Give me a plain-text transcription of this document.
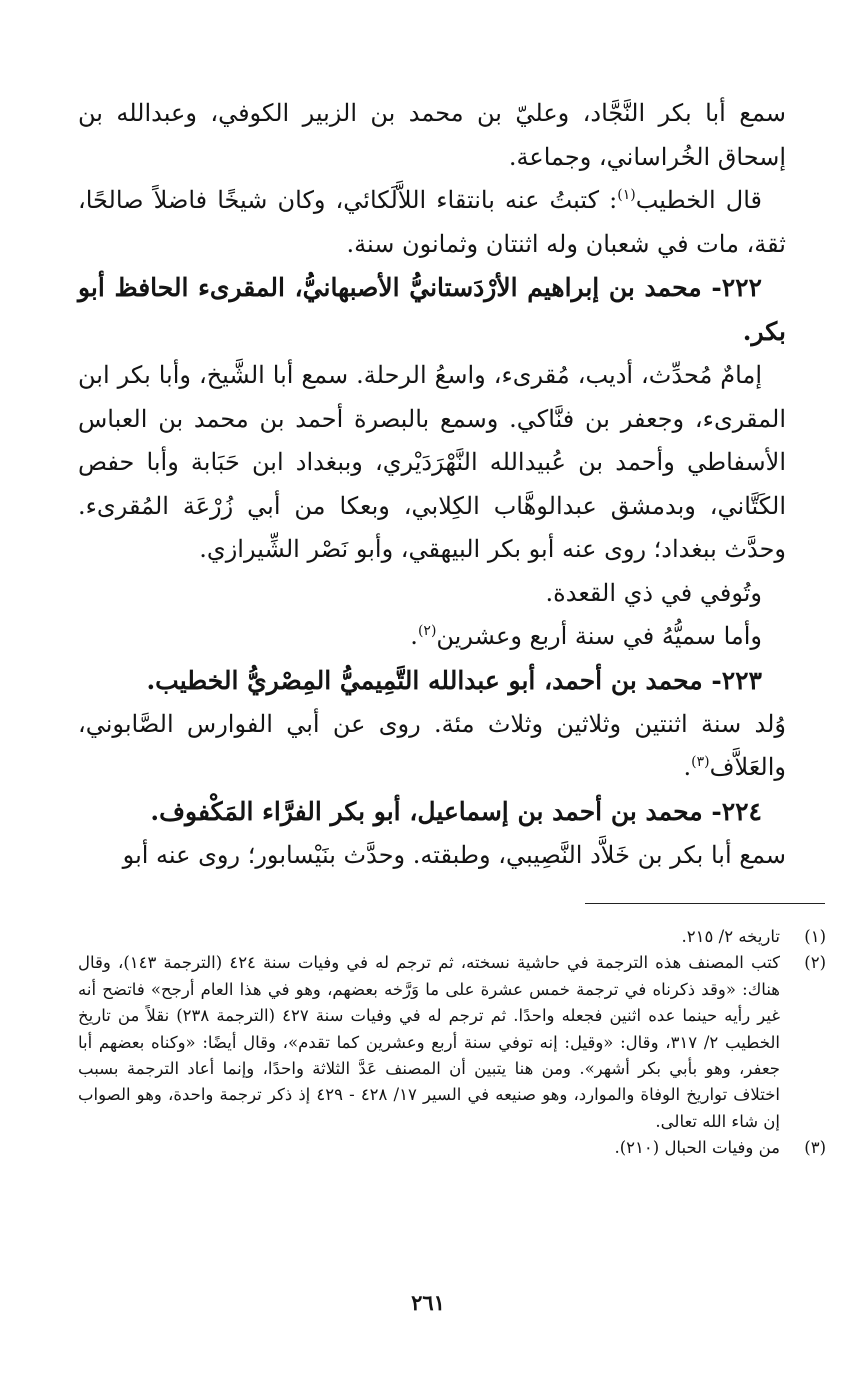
سمع أبا بكر النَّجَّاد، وعليّ بن محمد بن الزبير الكوفي، وعبدالله بن إسحاق الخُراساني، وجماعة.

قال الخطيب$^{(١)}$: كتبتُ عنه بانتقاء اللاَّلَكائي، وكان شيخًا فاضلاً صالحًا، ثقة، مات في شعبان وله اثنتان وثمانون سنة.

٢٢٢- محمد بن إبراهيم الأرْدَستانيُّ الأصبهانيُّ، المقرىء الحافظ أبو بكر.

إمامٌ مُحدِّث، أديب، مُقرىء، واسعُ الرحلة. سمع أبا الشَّيخ، وأبا بكر ابن المقرىء، وجعفر بن فنَّاكي. وسمع بالبصرة أحمد بن محمد بن العباس الأسفاطي وأحمد بن عُبيدالله النَّهْرَدَيْري، وببغداد ابن حَبَابة وأبا حفص الكَتَّاني، وبدمشق عبدالوهَّاب الكِلابي، وبعكا من أبي زُرْعَة المُقرىء. وحدَّث ببغداد؛ روى عنه أبو بكر البيهقي، وأبو نَصْر الشِّيرازي.

وتُوفي في ذي القعدة.

وأما سميُّهُ في سنة أربع وعشرين$^{(٢)}$.

٢٢٣- محمد بن أحمد، أبو عبدالله التَّمِيميُّ المِصْريُّ الخطيب.

وُلد سنة اثنتين وثلاثين وثلاث مئة. روى عن أبي الفوارس الصَّابوني، والعَلاَّف$^{(٣)}$.

٢٢٤- محمد بن أحمد بن إسماعيل، أبو بكر الفرَّاء المَكْفوف.

سمع أبا بكر بن خَلاَّد النَّصِيبي، وطبقته. وحدَّث بنَيْسابور؛ روى عنه أبو

(١)
تاريخه ٢/ ٢١٥.
(٢)
كتب المصنف هذه الترجمة في حاشية نسخته، ثم ترجم له في وفيات سنة ٤٢٤ (الترجمة ١٤٣)، وقال هناك: «وقد ذكرناه في ترجمة خمس عشرة على ما وَرَّخه بعضهم، وهو في هذا العام أرجح» فاتضح أنه غير رأيه حينما عده اثنين فجعله واحدًا. ثم ترجم له في وفيات سنة ٤٢٧ (الترجمة ٢٣٨) نقلاً من تاريخ الخطيب ٢/ ٣١٧، وقال: «وقيل: إنه توفي سنة أربع وعشرين كما تقدم»، وقال أيضًا: «وكناه بعضهم أبا جعفر، وهو بأبي بكر أشهر». ومن هنا يتبين أن المصنف عَدَّ الثلاثة واحدًا، وإنما أعاد الترجمة بسبب اختلاف تواريخ الوفاة والموارد، وهو صنيعه في السير ١٧/ ٤٢٨ - ٤٢٩ إذ ذكر ترجمة واحدة، وهو الصواب إن شاء الله تعالى.
(٣)
من وفيات الحبال (٢١٠).
٢٦١
